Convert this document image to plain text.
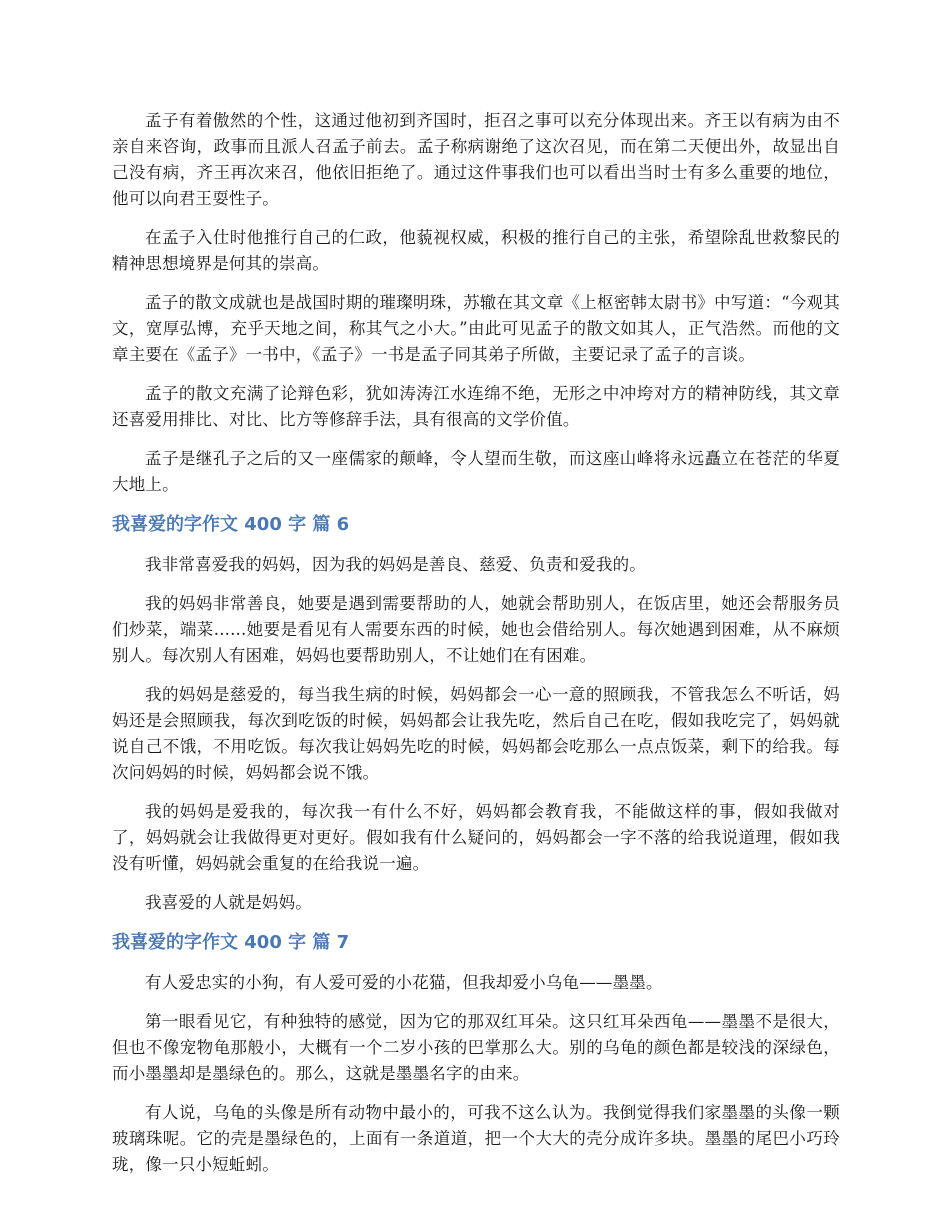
孟子有着傲然的个性，这通过他初到齐国时，拒召之事可以充分体现出来。齐王以有病为由不亲自来咨询，政事而且派人召孟子前去。孟子称病谢绝了这次召见，而在第二天便出外，故显出自己没有病，齐王再次来召，他依旧拒绝了。通过这件事我们也可以看出当时士有多么重要的地位，他可以向君王耍性子。

在孟子入仕时他推行自己的仁政，他藐视权威，积极的推行自己的主张，希望除乱世救黎民的精神思想境界是何其的崇高。

孟子的散文成就也是战国时期的璀璨明珠，苏辙在其文章《上枢密韩太尉书》中写道：“今观其文，宽厚弘博，充乎天地之间，称其气之小大。”由此可见孟子的散文如其人，正气浩然。而他的文章主要在《孟子》一书中，《孟子》一书是孟子同其弟子所做，主要记录了孟子的言谈。

孟子的散文充满了论辩色彩，犹如涛涛江水连绵不绝，无形之中冲垮对方的精神防线，其文章还喜爱用排比、对比、比方等修辞手法，具有很高的文学价值。

孟子是继孔子之后的又一座儒家的颠峰，令人望而生敬，而这座山峰将永远矗立在苍茫的华夏大地上。

我喜爱的字作文 400 字 篇 6

我非常喜爱我的妈妈，因为我的妈妈是善良、慈爱、负责和爱我的。

我的妈妈非常善良，她要是遇到需要帮助的人，她就会帮助别人，在饭店里，她还会帮服务员们炒菜，端菜......她要是看见有人需要东西的时候，她也会借给别人。每次她遇到困难，从不麻烦别人。每次别人有困难，妈妈也要帮助别人，不让她们在有困难。

我的妈妈是慈爱的，每当我生病的时候，妈妈都会一心一意的照顾我，不管我怎么不听话，妈妈还是会照顾我，每次到吃饭的时候，妈妈都会让我先吃，然后自己在吃，假如我吃完了，妈妈就说自己不饿，不用吃饭。每次我让妈妈先吃的时候，妈妈都会吃那么一点点饭菜，剩下的给我。每次问妈妈的时候，妈妈都会说不饿。

我的妈妈是爱我的，每次我一有什么不好，妈妈都会教育我，不能做这样的事，假如我做对了，妈妈就会让我做得更对更好。假如我有什么疑问的，妈妈都会一字不落的给我说道理，假如我没有听懂，妈妈就会重复的在给我说一遍。

我喜爱的人就是妈妈。

我喜爱的字作文 400 字 篇 7

有人爱忠实的小狗，有人爱可爱的小花猫，但我却爱小乌龟——墨墨。

第一眼看见它，有种独特的感觉，因为它的那双红耳朵。这只红耳朵西龟——墨墨不是很大，但也不像宠物龟那般小，大概有一个二岁小孩的巴掌那么大。别的乌龟的颜色都是较浅的深绿色，而小墨墨却是墨绿色的。那么，这就是墨墨名字的由来。

有人说，乌龟的头像是所有动物中最小的，可我不这么认为。我倒觉得我们家墨墨的头像一颗玻璃珠呢。它的壳是墨绿色的，上面有一条道道，把一个大大的壳分成许多块。墨墨的尾巴小巧玲珑，像一只小短蚯蚓。
